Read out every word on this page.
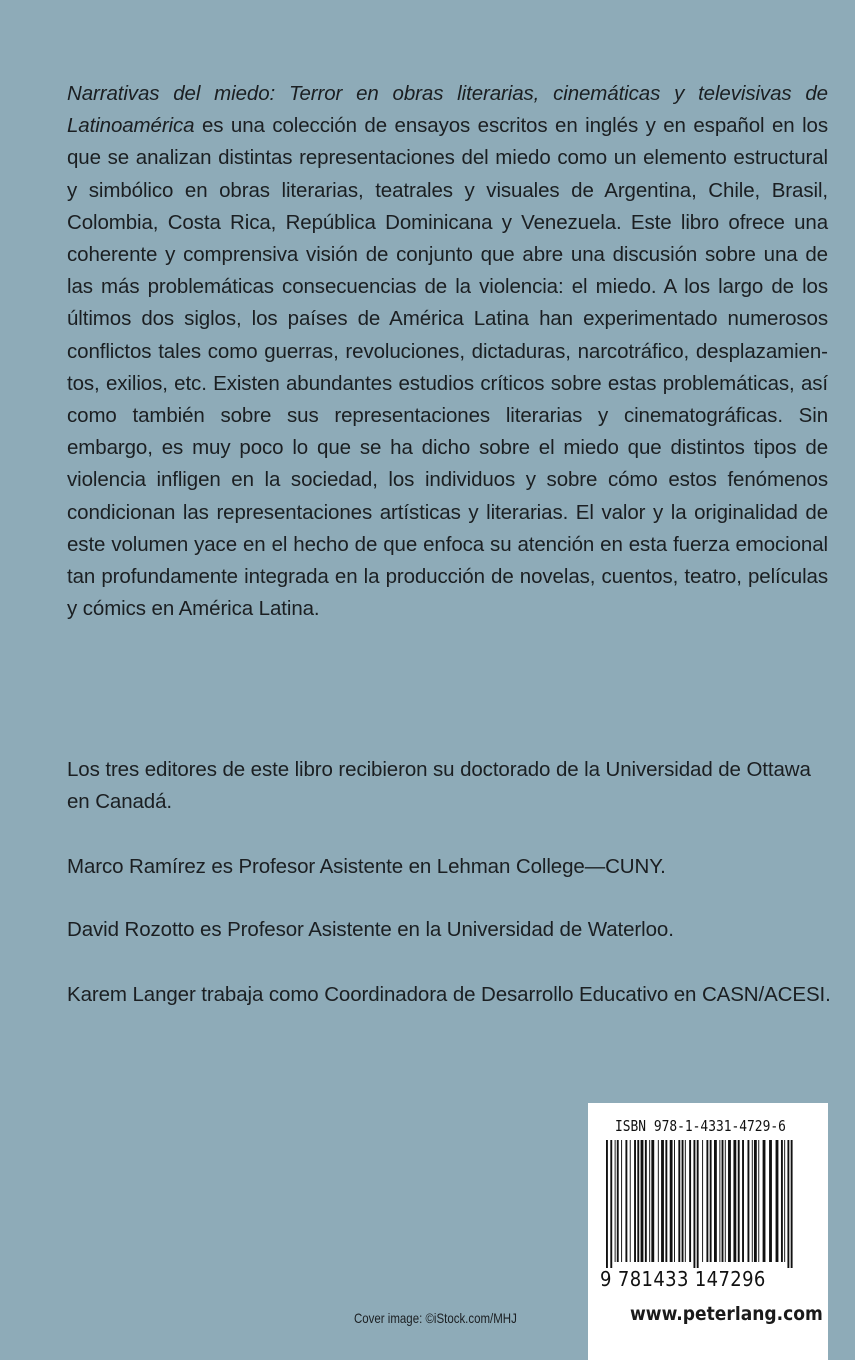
Narrativas del miedo: Terror en obras literarias, cinemáticas y televisivas de Latinoamérica es una colección de ensayos escritos en inglés y en español en los que se analizan distintas representaciones del miedo como un elemento estructural y simbólico en obras literarias, teatrales y visuales de Argentina, Chile, Brasil, Colombia, Costa Rica, República Dominicana y Venezuela. Este libro ofrece una coherente y comprensiva visión de conjunto que abre una discusión sobre una de las más problemáticas consecuencias de la violencia: el miedo. A los largo de los últimos dos siglos, los países de América Latina han experimentado numerosos conflictos tales como guerras, revoluciones, dictaduras, narcotráfico, desplazamientos, exilios, etc. Existen abundantes estudios críticos sobre estas problemáticas, así como también sobre sus representaciones literarias y cinematográficas. Sin embargo, es muy poco lo que se ha dicho sobre el miedo que distintos tipos de violencia infligen en la sociedad, los individuos y sobre cómo estos fenómenos condicionan las representaciones artísticas y literarias. El valor y la originalidad de este volumen yace en el hecho de que enfoca su atención en esta fuerza emocional tan profundamente integrada en la producción de novelas, cuentos, teatro, películas y cómics en América Latina.

Los tres editores de este libro recibieron su doctorado de la Universidad de Ottawa en Canadá.

Marco Ramírez es Profesor Asistente en Lehman College—CUNY.

David Rozotto es Profesor Asistente en la Universidad de Waterloo.

Karem Langer trabaja como Coordinadora de Desarrollo Educativo en CASN/ACESI.

Cover image: ©iStock.com/MHJ
ISBN 978-1-4331-4729-6
9 781433 147296
www.peterlang.com
